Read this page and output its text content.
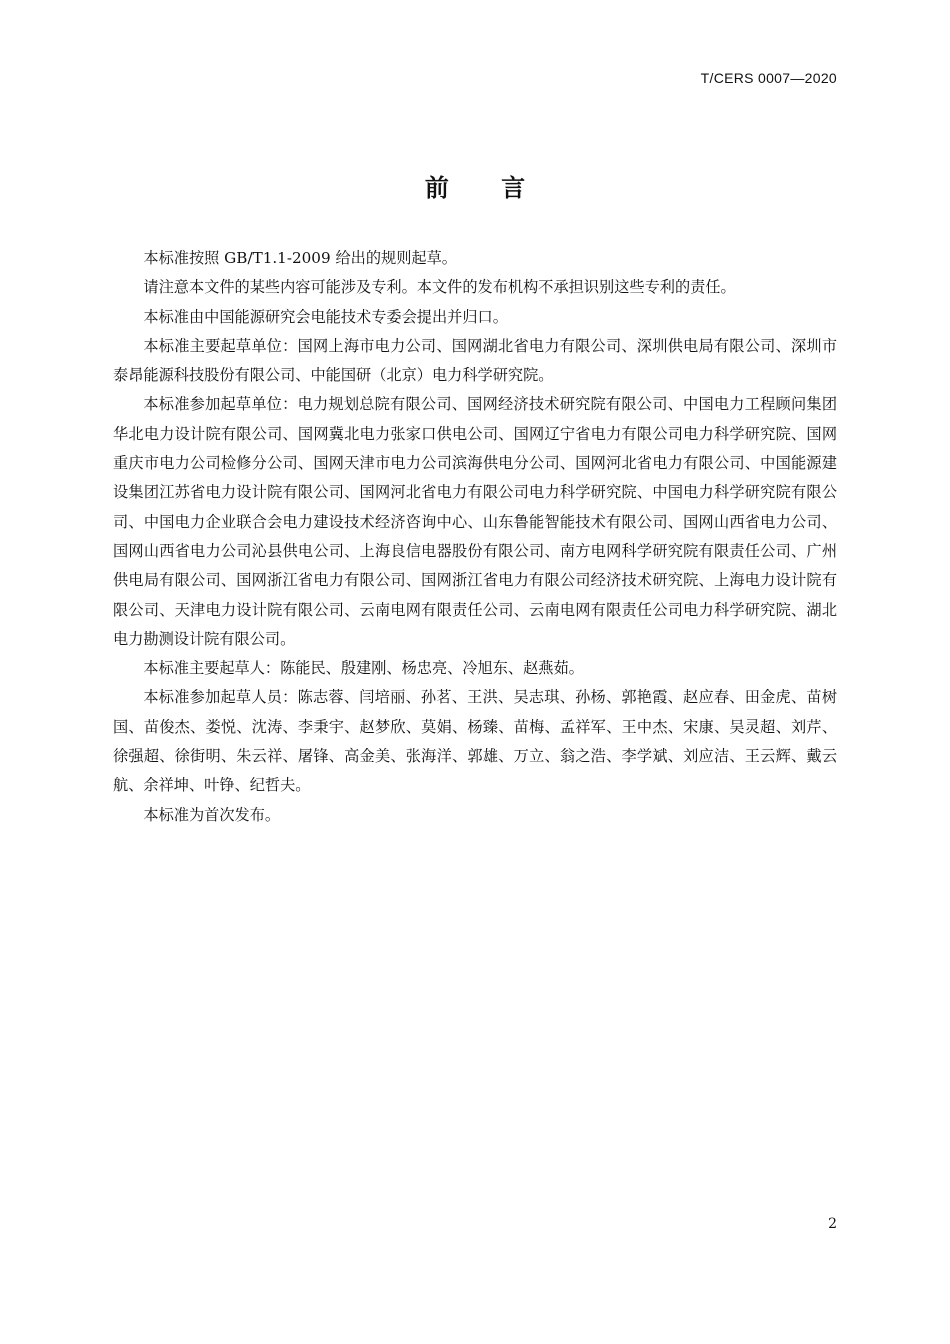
T/CERS 0007—2020
前 言

本标准按照 GB/T1.1-2009 给出的规则起草。

请注意本文件的某些内容可能涉及专利。本文件的发布机构不承担识别这些专利的责任。

本标准由中国能源研究会电能技术专委会提出并归口。

本标准主要起草单位：国网上海市电力公司、国网湖北省电力有限公司、深圳供电局有限公司、深圳市泰昂能源科技股份有限公司、中能国研（北京）电力科学研究院。

本标准参加起草单位：电力规划总院有限公司、国网经济技术研究院有限公司、中国电力工程顾问集团华北电力设计院有限公司、国网冀北电力张家口供电公司、国网辽宁省电力有限公司电力科学研究院、国网重庆市电力公司检修分公司、国网天津市电力公司滨海供电分公司、国网河北省电力有限公司、中国能源建设集团江苏省电力设计院有限公司、国网河北省电力有限公司电力科学研究院、中国电力科学研究院有限公司、中国电力企业联合会电力建设技术经济咨询中心、山东鲁能智能技术有限公司、国网山西省电力公司、国网山西省电力公司沁县供电公司、上海良信电器股份有限公司、南方电网科学研究院有限责任公司、广州供电局有限公司、国网浙江省电力有限公司、国网浙江省电力有限公司经济技术研究院、上海电力设计院有限公司、天津电力设计院有限公司、云南电网有限责任公司、云南电网有限责任公司电力科学研究院、湖北电力勘测设计院有限公司。

本标准主要起草人：陈能民、殷建刚、杨忠亮、冷旭东、赵燕茹。

本标准参加起草人员：陈志蓉、闫培丽、孙茗、王洪、吴志琪、孙杨、郭艳霞、赵应春、田金虎、苗树国、苗俊杰、娄悦、沈涛、李秉宇、赵梦欣、莫娟、杨臻、苗梅、孟祥军、王中杰、宋康、吴灵超、刘芹、徐强超、徐街明、朱云祥、屠锋、高金美、张海洋、郭雄、万立、翁之浩、李学斌、刘应洁、王云辉、戴云航、余祥坤、叶铮、纪哲夫。

本标准为首次发布。

2
